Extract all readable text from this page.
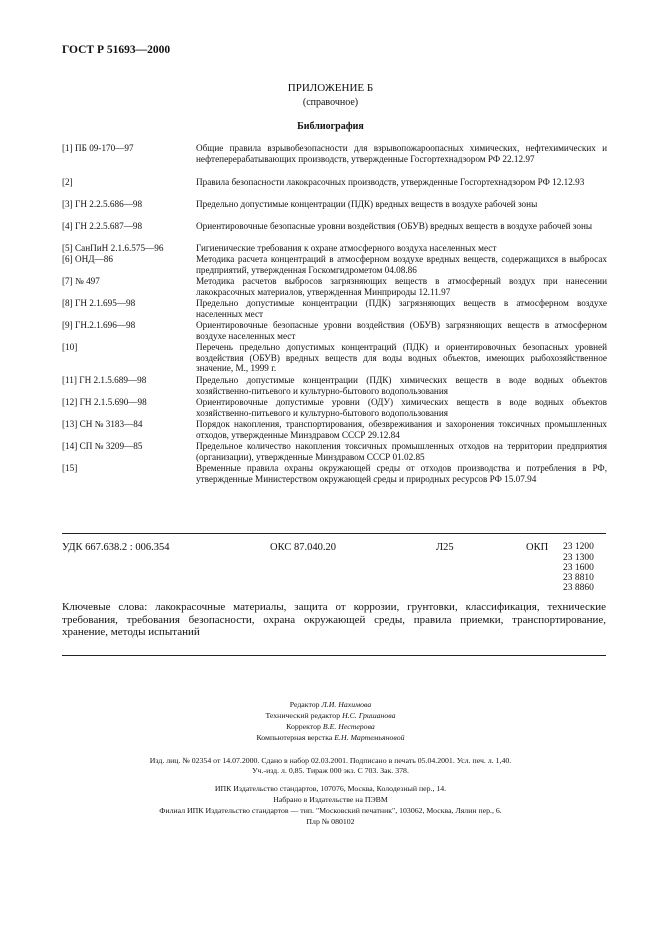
ГОСТ Р 51693—2000
ПРИЛОЖЕНИЕ Б
(справочное)
Библиография
[1] ПБ 09-170—97	Общие правила взрывобезопасности для взрывопожароопасных химических, нефтехимических и нефтеперерабатывающих производств, утвержденные Госгортехнадзором РФ 22.12.97
[2]	Правила безопасности лакокрасочных производств, утвержденные Госгортехнадзором РФ 12.12.93
[3] ГН 2.2.5.686—98	Предельно допустимые концентрации (ПДК) вредных веществ в воздухе рабочей зоны
[4] ГН 2.2.5.687—98	Ориентировочные безопасные уровни воздействия (ОБУВ) вредных веществ в воздухе рабочей зоны
[5] СанПиН 2.1.6.575—96	Гигиенические требования к охране атмосферного воздуха населенных мест
[6] ОНД—86	Методика расчета концентраций в атмосферном воздухе вредных веществ, содержащихся в выбросах предприятий, утвержденная Госкомгидрометом 04.08.86
[7] № 497	Методика расчетов выбросов загрязняющих веществ в атмосферный воздух при нанесении лакокрасочных материалов, утвержденная Минприроды 12.11.97
[8] ГН 2.1.695—98	Предельно допустимые концентрации (ПДК) загрязняющих веществ в атмосферном воздухе населенных мест
[9] ГН.2.1.696—98	Ориентировочные безопасные уровни воздействия (ОБУВ) загрязняющих веществ в атмосферном воздухе населенных мест
[10]	Перечень предельно допустимых концентраций (ПДК) и ориентировочных безопасных уровней воздействия (ОБУВ) вредных веществ для воды водных объектов, имеющих рыбохозяйственное значение, М., 1999 г.
[11] ГН 2.1.5.689—98	Предельно допустимые концентрации (ПДК) химических веществ в воде водных объектов хозяйственно-питьевого и культурно-бытового водопользования
[12] ГН 2.1.5.690—98	Ориентировочные допустимые уровни (ОДУ) химических веществ в воде водных объектов хозяйственно-питьевого и культурно-бытового водопользования
[13] СН № 3183—84	Порядок накопления, транспортирования, обезвреживания и захоронения токсичных промышленных отходов, утвержденные Минздравом СССР 29.12.84
[14] СП № 3209—85	Предельное количество накопления токсичных промышленных отходов на территории предприятия (организации), утвержденные Минздравом СССР 01.02.85
[15]	Временные правила охраны окружающей среды от отходов производства и потребления в РФ, утвержденные Министерством окружающей среды и природных ресурсов РФ 15.07.94
УДК 667.638.2 : 006.354	ОКС 87.040.20	Л25	ОКП 23 1200
23 1300
23 1600
23 8810
23 8860
Ключевые слова: лакокрасочные материалы, защита от коррозии, грунтовки, классификация, технические требования, требования безопасности, охрана окружающей среды, правила приемки, транспортирование, хранение, методы испытаний
Редактор Л.И. Нахимова
Технический редактор Н.С. Гришанова
Корректор В.Е. Нестерова
Компьютерная верстка Е.Н. Мартемьяновой
Изд. лиц. № 02354 от 14.07.2000. Сдано в набор 02.03.2001. Подписано в печать 05.04.2001. Усл. печ. л. 1,40.
Уч.-изд. л. 0,85. Тираж 000 экз. С 703. Зак. 378.
ИПК Издательство стандартов, 107076, Москва, Колодезный пер., 14.
Набрано в Издательстве на ПЭВМ
Филиал ИПК Издательство стандартов — тип. "Московский печатник", 103062, Москва, Лялин пер., 6.
Плр № 080102
